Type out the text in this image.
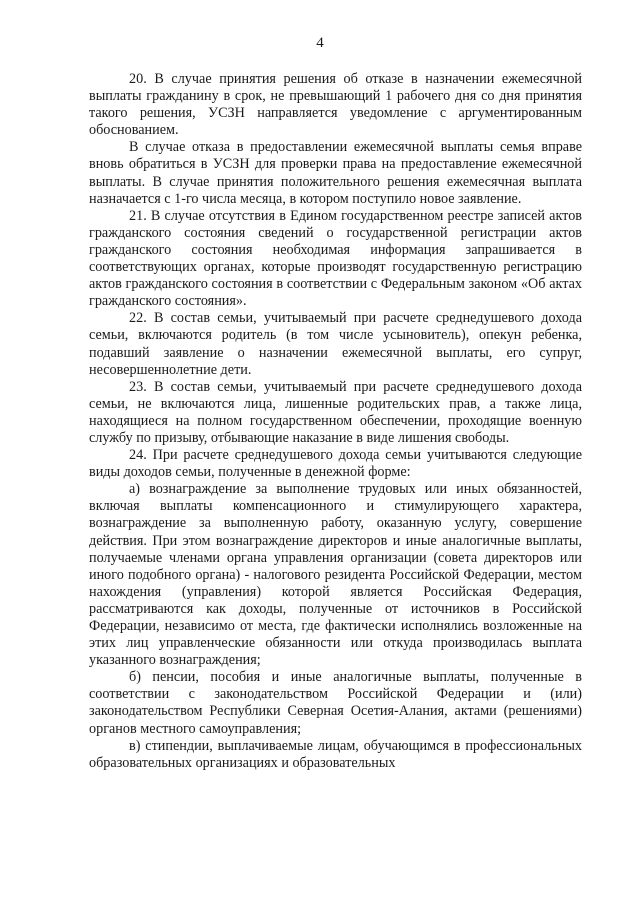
4

20. В случае принятия решения об отказе в назначении ежемесячной выплаты гражданину в срок, не превышающий 1 рабочего дня со дня принятия такого решения, УСЗН направляется уведомление с аргументированным обоснованием.

В случае отказа в предоставлении ежемесячной выплаты семья вправе вновь обратиться в УСЗН для проверки права на предоставление ежемесячной выплаты. В случае принятия положительного решения ежемесячная выплата назначается с 1-го числа месяца, в котором поступило новое заявление.

21. В случае отсутствия в Едином государственном реестре записей актов гражданского состояния сведений о государственной регистрации актов гражданского состояния необходимая информация запрашивается в соответствующих органах, которые производят государственную регистрацию актов гражданского состояния в соответствии с Федеральным законом «Об актах гражданского состояния».

22. В состав семьи, учитываемый при расчете среднедушевого дохода семьи, включаются родитель (в том числе усыновитель), опекун ребенка, подавший заявление о назначении ежемесячной выплаты, его супруг, несовершеннолетние дети.

23. В состав семьи, учитываемый при расчете среднедушевого дохода семьи, не включаются лица, лишенные родительских прав, а также лица, находящиеся на полном государственном обеспечении, проходящие военную службу по призыву, отбывающие наказание в виде лишения свободы.

24. При расчете среднедушевого дохода семьи учитываются следующие виды доходов семьи, полученные в денежной форме:

а) вознаграждение за выполнение трудовых или иных обязанностей, включая выплаты компенсационного и стимулирующего характера, вознаграждение за выполненную работу, оказанную услугу, совершение действия. При этом вознаграждение директоров и иные аналогичные выплаты, получаемые членами органа управления организации (совета директоров или иного подобного органа) - налогового резидента Российской Федерации, местом нахождения (управления) которой является Российская Федерация, рассматриваются как доходы, полученные от источников в Российской Федерации, независимо от места, где фактически исполнялись возложенные на этих лиц управленческие обязанности или откуда производилась выплата указанного вознаграждения;

б) пенсии, пособия и иные аналогичные выплаты, полученные в соответствии с законодательством Российской Федерации и (или) законодательством Республики Северная Осетия-Алания, актами (решениями) органов местного самоуправления;

в) стипендии, выплачиваемые лицам, обучающимся в профессиональных образовательных организациях и образовательных
